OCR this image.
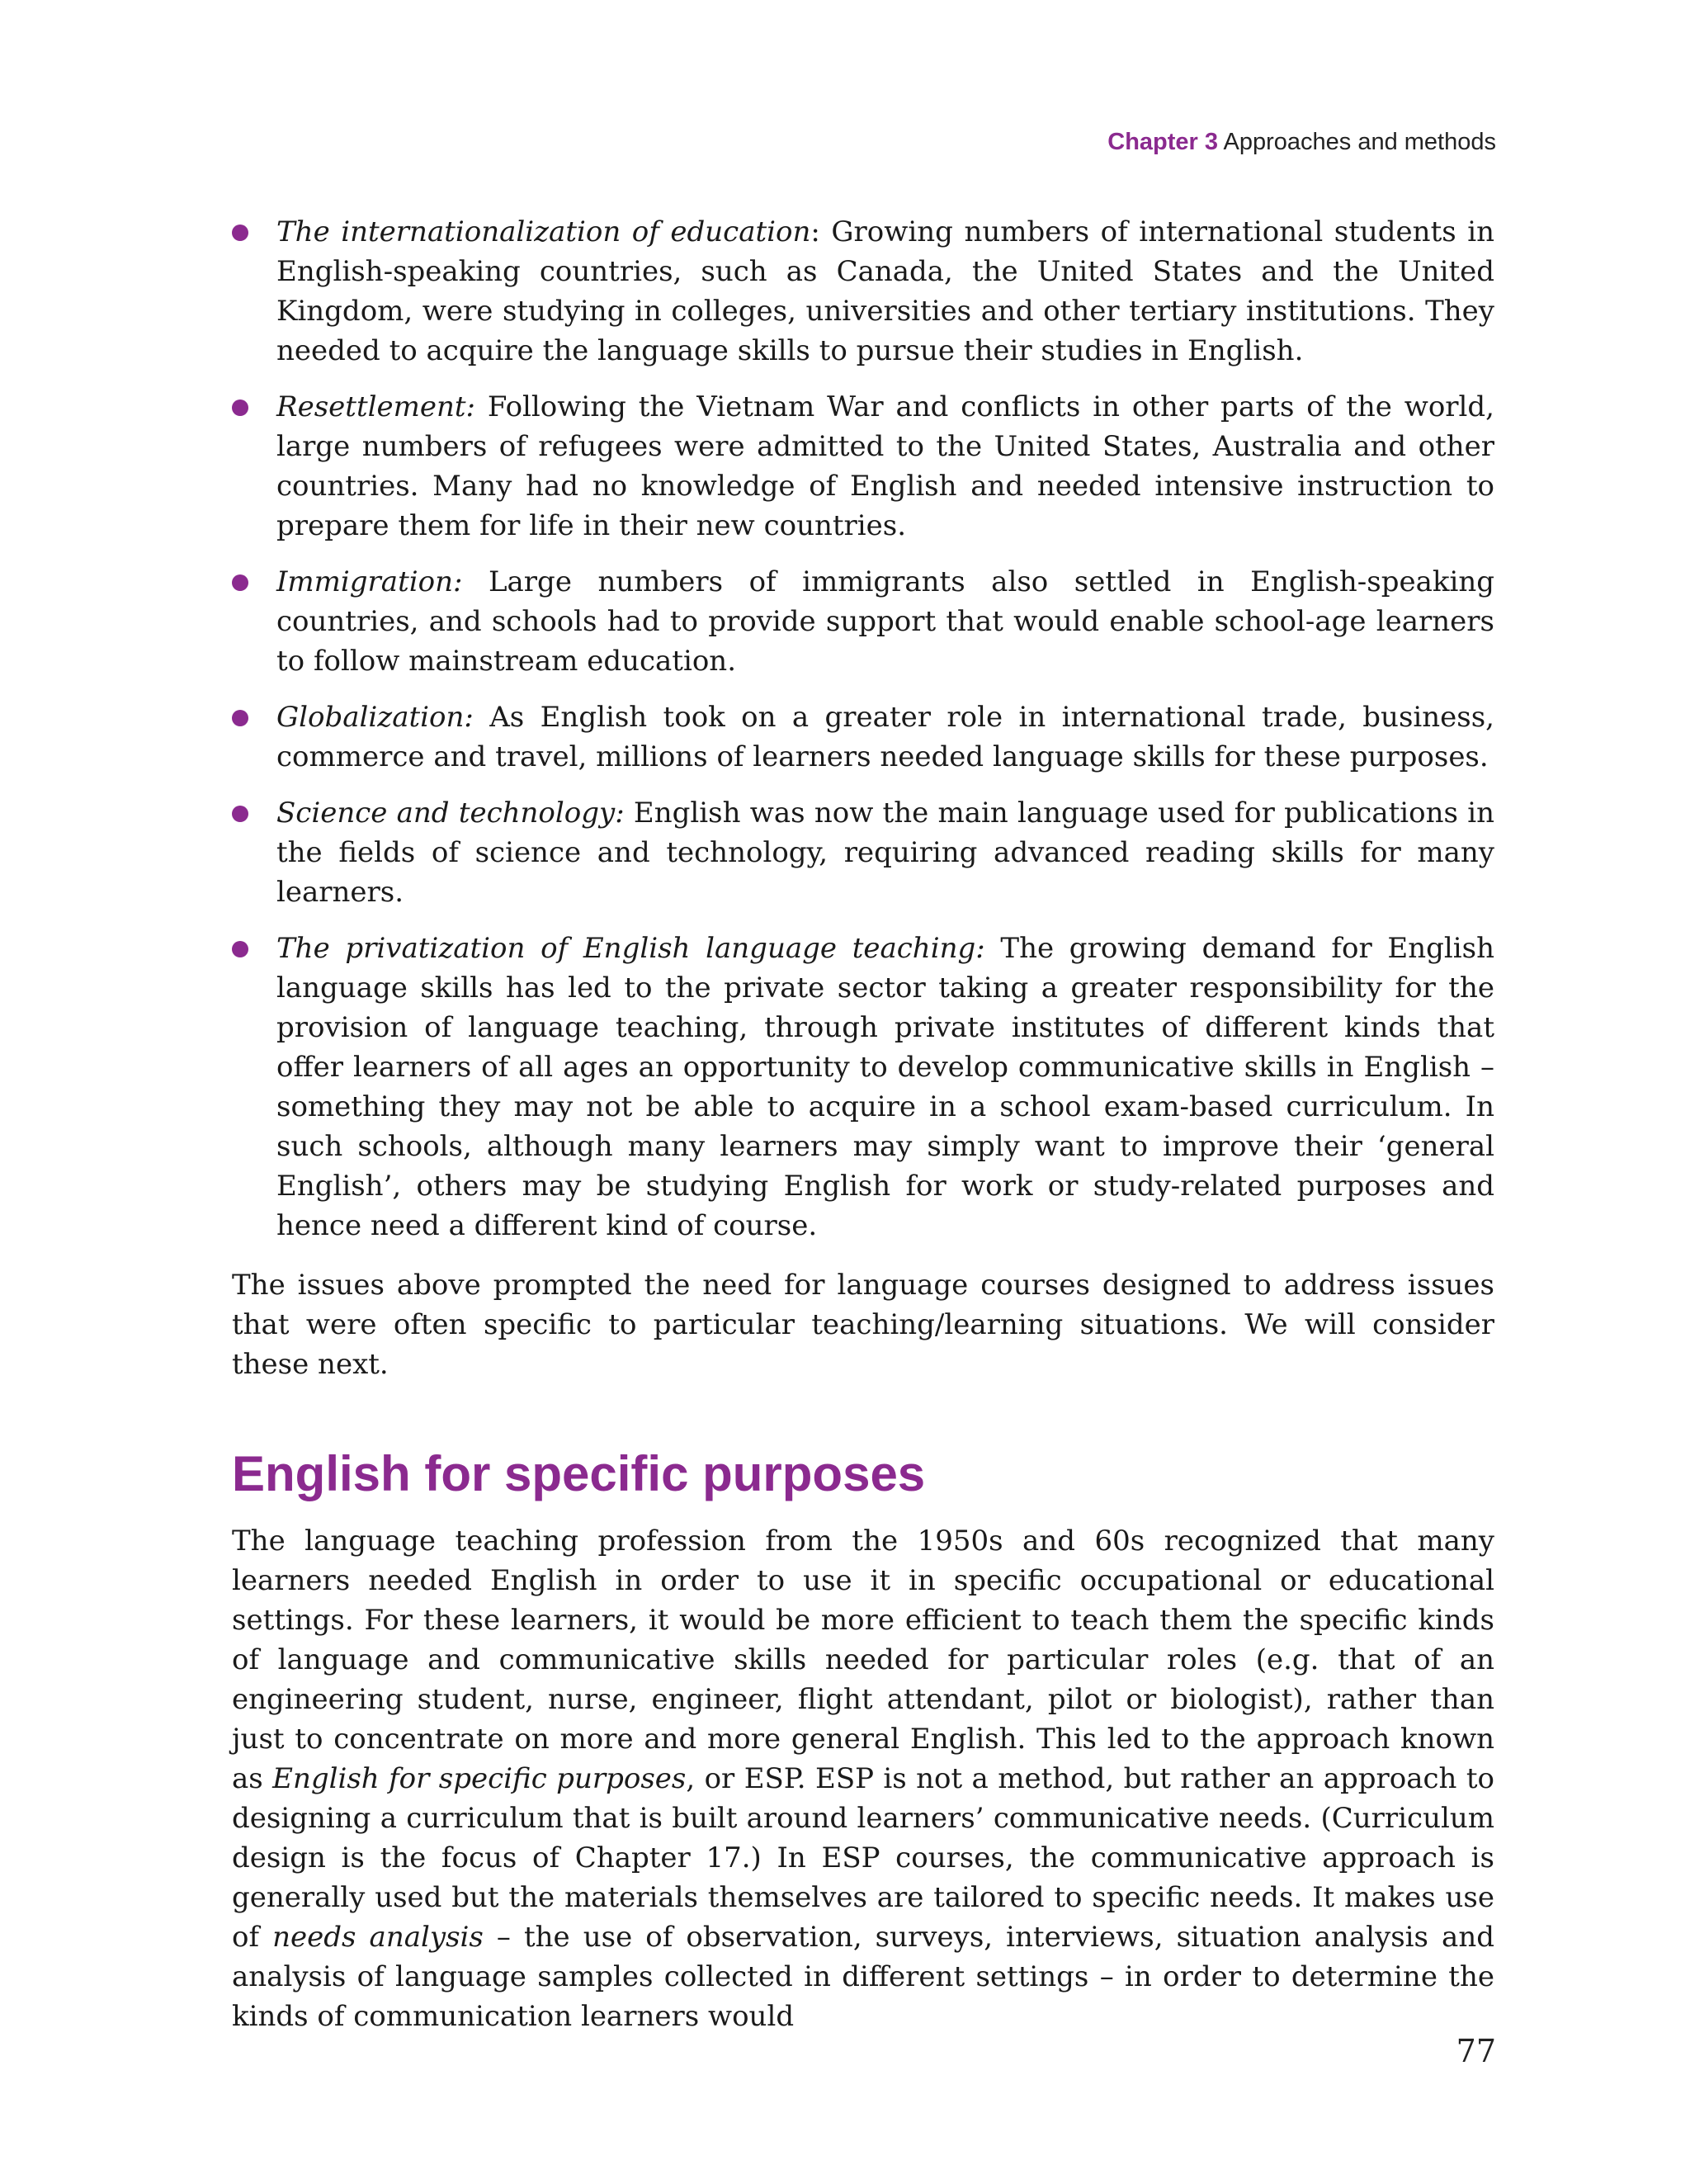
Chapter 3 Approaches and methods
The internationalization of education: Growing numbers of international students in English-speaking countries, such as Canada, the United States and the United Kingdom, were studying in colleges, universities and other tertiary institutions. They needed to acquire the language skills to pursue their studies in English.
Resettlement: Following the Vietnam War and conflicts in other parts of the world, large numbers of refugees were admitted to the United States, Australia and other countries. Many had no knowledge of English and needed intensive instruction to prepare them for life in their new countries.
Immigration: Large numbers of immigrants also settled in English-speaking countries, and schools had to provide support that would enable school-age learners to follow mainstream education.
Globalization: As English took on a greater role in international trade, business, commerce and travel, millions of learners needed language skills for these purposes.
Science and technology: English was now the main language used for publications in the fields of science and technology, requiring advanced reading skills for many learners.
The privatization of English language teaching: The growing demand for English language skills has led to the private sector taking a greater responsibility for the provision of language teaching, through private institutes of different kinds that offer learners of all ages an opportunity to develop communicative skills in English – something they may not be able to acquire in a school exam-based curriculum. In such schools, although many learners may simply want to improve their ‘general English’, others may be studying English for work or study-related purposes and hence need a different kind of course.

The issues above prompted the need for language courses designed to address issues that were often specific to particular teaching/learning situations. We will consider these next.

English for specific purposes

The language teaching profession from the 1950s and 60s recognized that many learners needed English in order to use it in specific occupational or educational settings. For these learners, it would be more efficient to teach them the specific kinds of language and communicative skills needed for particular roles (e.g. that of an engineering student, nurse, engineer, flight attendant, pilot or biologist), rather than just to concentrate on more and more general English. This led to the approach known as English for specific purposes, or ESP. ESP is not a method, but rather an approach to designing a curriculum that is built around learners’ communicative needs. (Curriculum design is the focus of Chapter 17.) In ESP courses, the communicative approach is generally used but the materials themselves are tailored to specific needs. It makes use of needs analysis – the use of observation, surveys, interviews, situation analysis and analysis of language samples collected in different settings – in order to determine the kinds of communication learners would

77
